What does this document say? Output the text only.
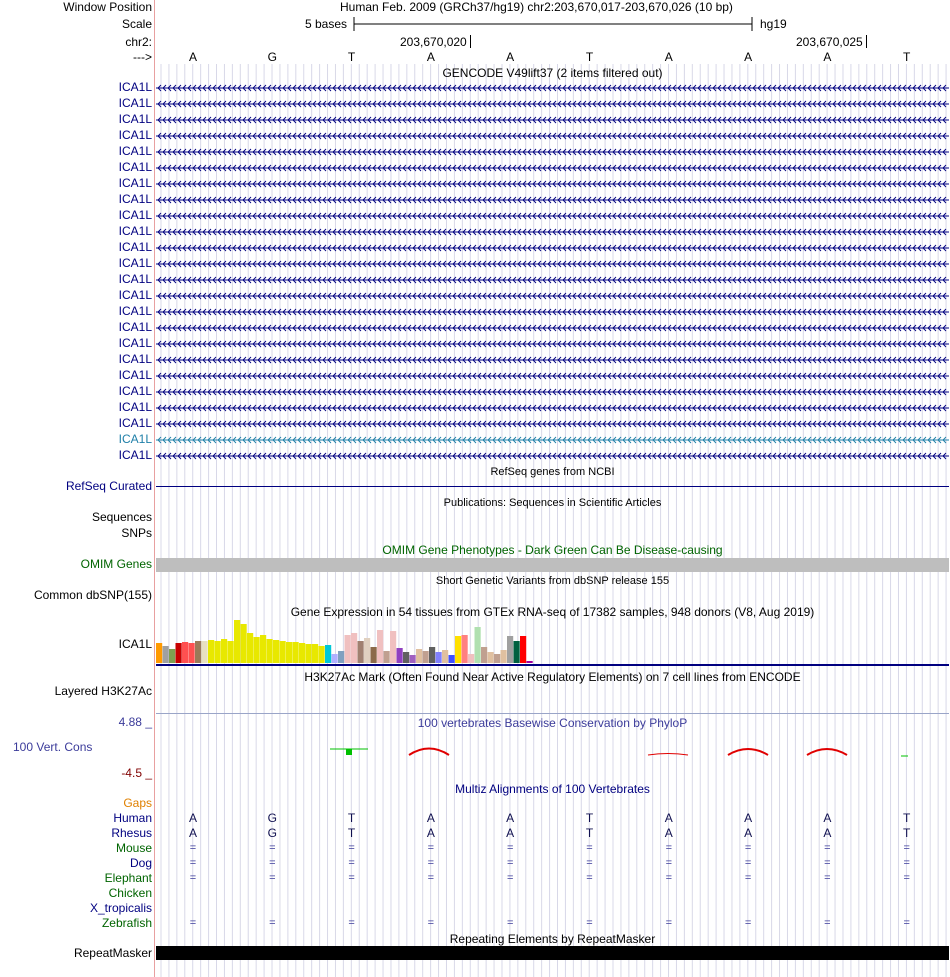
Window Position	Human Feb. 2009 (GRCh37/hg19) chr2:203,670,017-203,670,026 (10 bp)
Scale	5 bases	hg19
chr2:	203,670,020	203,670,025
--->	A	G	T	A	A	T	A	A	A	T
GENCODE V49lift37 (2 items filtered out)
ICA1L
ICA1L
ICA1L
ICA1L
ICA1L
ICA1L
ICA1L
ICA1L
ICA1L
ICA1L
ICA1L
ICA1L
ICA1L
ICA1L
ICA1L
ICA1L
ICA1L
ICA1L
ICA1L
ICA1L
ICA1L
ICA1L
ICA1L
ICA1L
RefSeq genes from NCBI
RefSeq Curated
Publications: Sequences in Scientific Articles
Sequences
SNPs
OMIM Gene Phenotypes - Dark Green Can Be Disease-causing
OMIM Genes
Short Genetic Variants from dbSNP release 155
Common dbSNP(155)
Gene Expression in 54 tissues from GTEx RNA-seq of 17382 samples, 948 donors (V8, Aug 2019)
ICA1L
H3K27Ac Mark (Often Found Near Active Regulatory Elements) on 7 cell lines from ENCODE
Layered H3K27Ac
4.88 _	100 vertebrates Basewise Conservation by PhyloP
100 Vert. Cons
-4.5 _
Multiz Alignments of 100 Vertebrates
Gaps
Human	A	G	T	A	A	T	A	A	A	T
Rhesus	A	G	T	A	A	T	A	A	A	T
Mouse	=	=	=	=	=	=	=	=	=	=
Dog	=	=	=	=	=	=	=	=	=	=
Elephant	=	=	=	=	=	=	=	=	=	=
Chicken
X_tropicalis
Zebrafish	=	=	=	=	=	=	=	=	=	=
Repeating Elements by RepeatMasker
RepeatMasker
